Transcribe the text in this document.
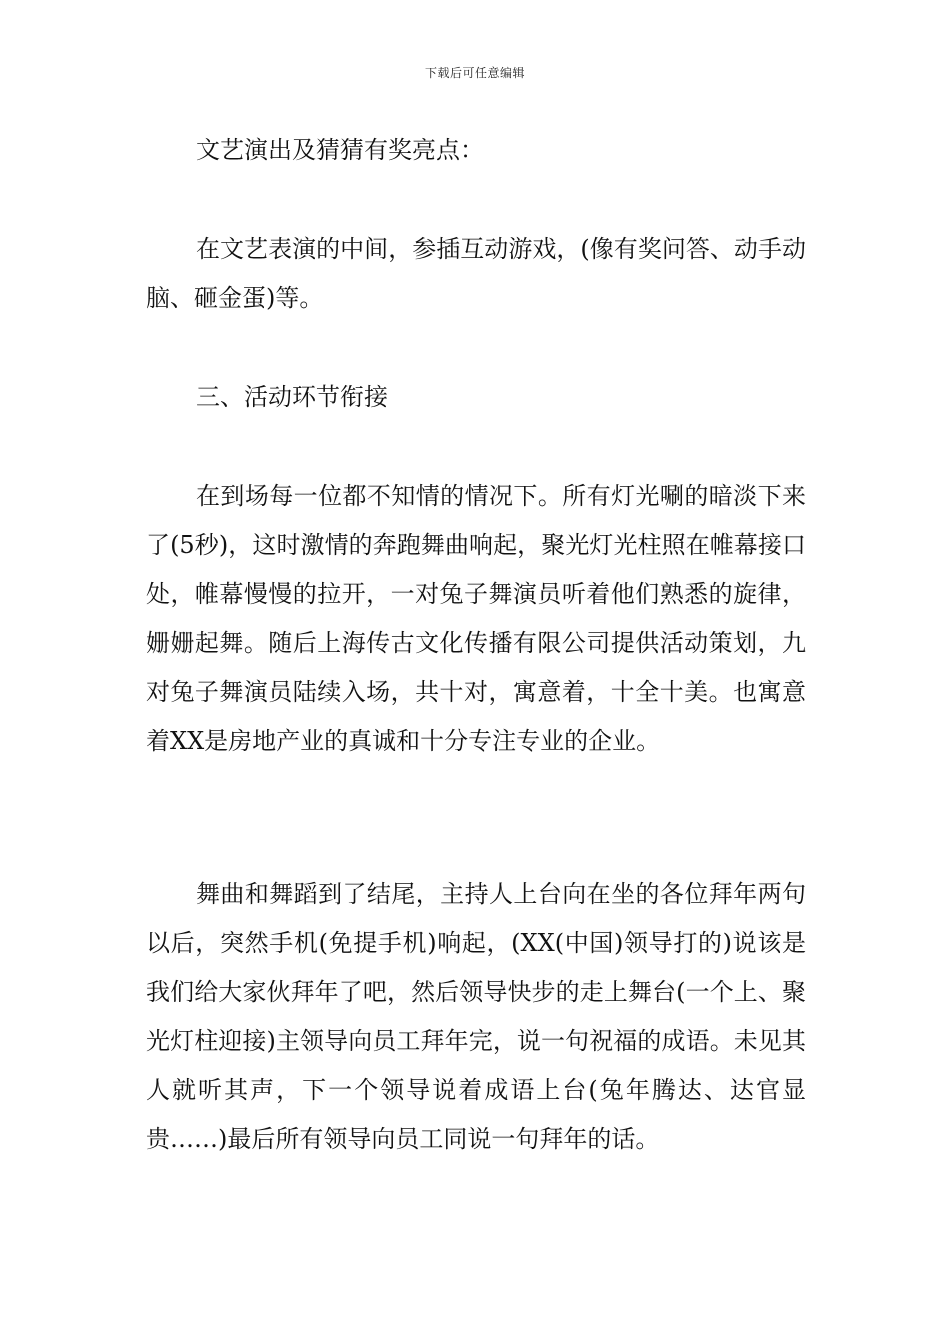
下载后可任意编辑

文艺演出及猜猜有奖亮点：

在文艺表演的中间，参插互动游戏，(像有奖问答、动手动脑、砸金蛋)等。

三、活动环节衔接

在到场每一位都不知情的情况下。所有灯光唰的暗淡下来了(5秒)，这时激情的奔跑舞曲响起，聚光灯光柱照在帷幕接口处，帷幕慢慢的拉开，一对兔子舞演员听着他们熟悉的旋律，姗姗起舞。随后上海传古文化传播有限公司提供活动策划，九对兔子舞演员陆续入场，共十对，寓意着，十全十美。也寓意着XX是房地产业的真诚和十分专注专业的企业。

舞曲和舞蹈到了结尾，主持人上台向在坐的各位拜年两句以后，突然手机(免提手机)响起，(XX(中国)领导打的)说该是我们给大家伙拜年了吧，然后领导快步的走上舞台(一个上、聚光灯柱迎接)主领导向员工拜年完，说一句祝福的成语。未见其人就听其声，下一个领导说着成语上台(兔年腾达、达官显贵……)最后所有领导向员工同说一句拜年的话。
